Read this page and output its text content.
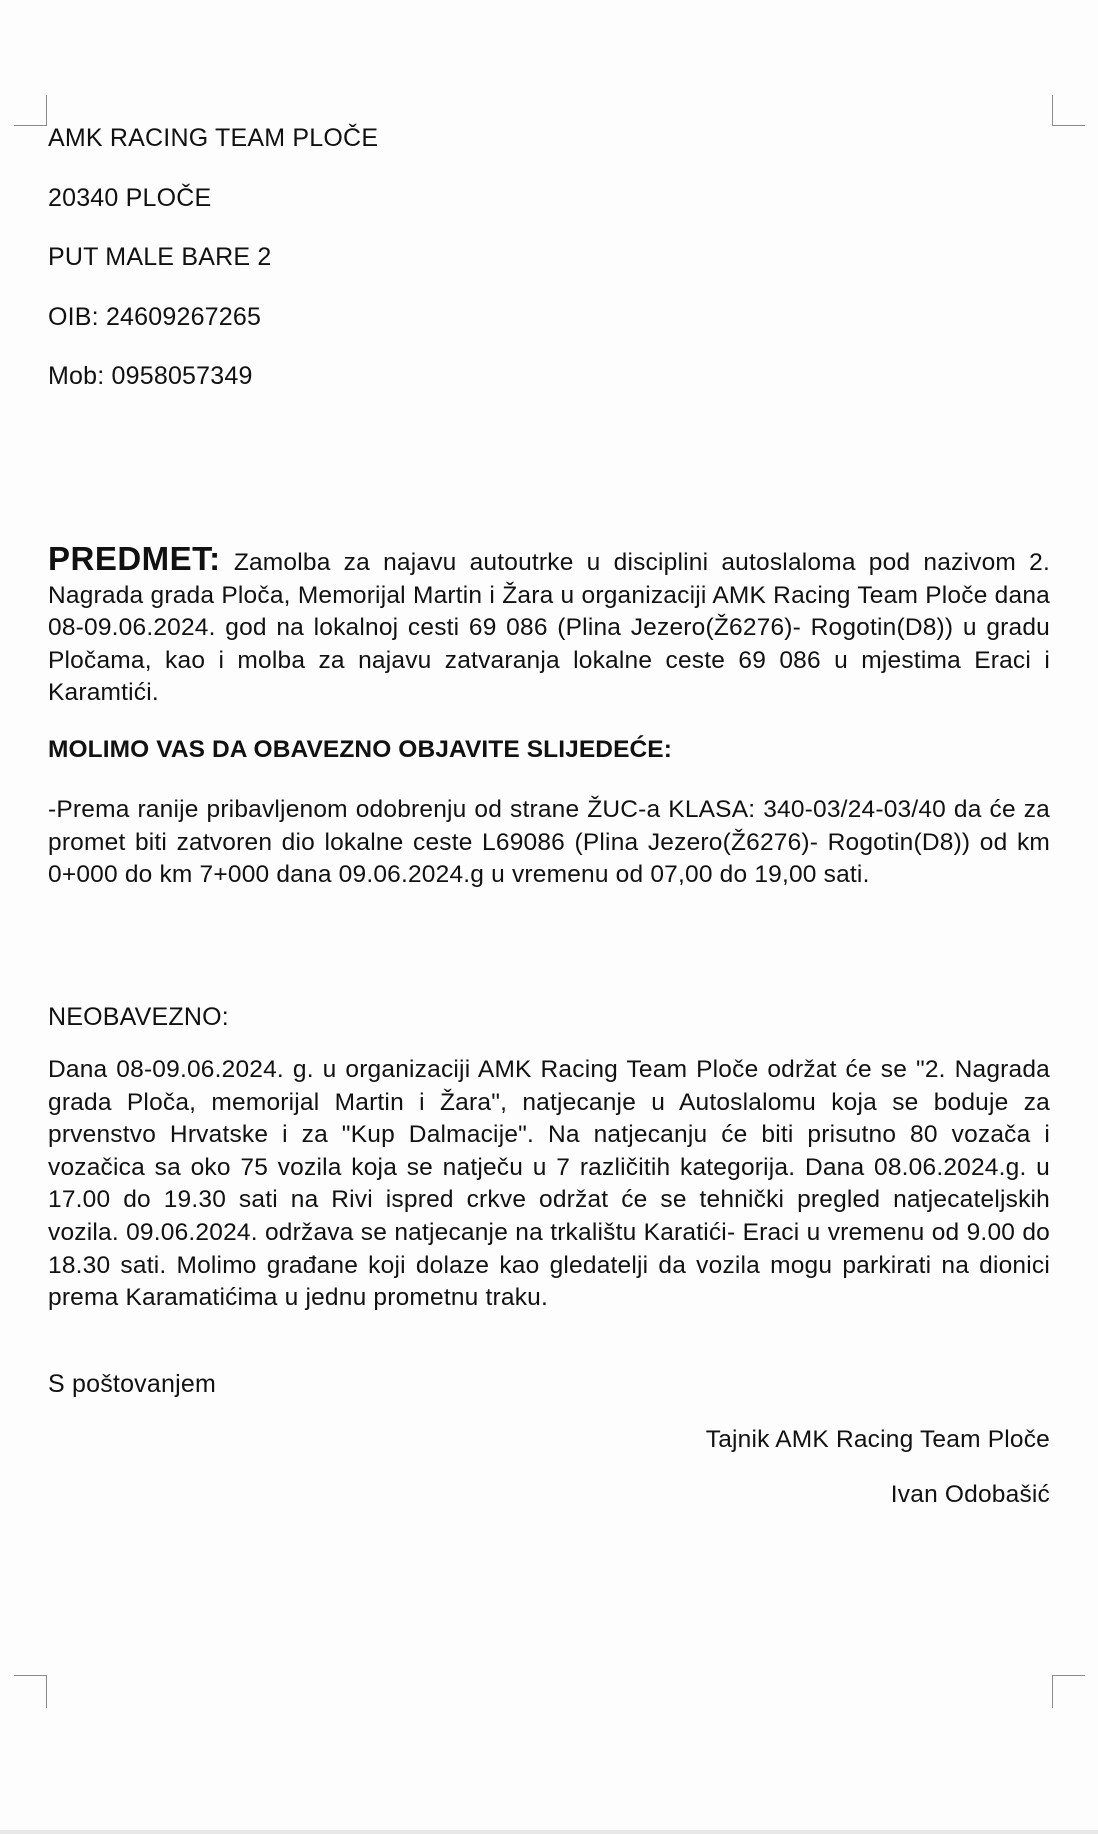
AMK RACING TEAM PLOČE
20340 PLOČE
PUT MALE BARE 2
OIB: 24609267265
Mob: 0958057349
PREDMET: Zamolba za najavu autoutrke u disciplini autoslaloma pod nazivom 2. Nagrada grada Ploča, Memorijal Martin i Žara u organizaciji AMK Racing Team Ploče dana 08-09.06.2024. god na lokalnoj cesti 69 086 (Plina Jezero(Ž6276)- Rogotin(D8)) u gradu Pločama, kao i molba za najavu zatvaranja lokalne ceste 69 086 u mjestima Eraci i Karamtići.
MOLIMO VAS DA OBAVEZNO OBJAVITE SLIJEDEĆE:
-Prema ranije pribavljenom odobrenju od strane ŽUC-a KLASA: 340-03/24-03/40 da će za promet biti zatvoren dio lokalne ceste L69086 (Plina Jezero(Ž6276)- Rogotin(D8)) od km 0+000 do km 7+000 dana 09.06.2024.g u vremenu od 07,00 do 19,00 sati.
NEOBAVEZNO:
Dana 08-09.06.2024. g. u organizaciji AMK Racing Team Ploče održat će se "2. Nagrada grada Ploča, memorijal Martin i Žara", natjecanje u Autoslalomu koja se boduje za prvenstvo Hrvatske i za "Kup Dalmacije". Na natjecanju će biti prisutno 80 vozača i vozačica sa oko 75 vozila koja se natječu u 7 različitih kategorija. Dana 08.06.2024.g. u 17.00 do 19.30 sati na Rivi ispred crkve održat će se tehnički pregled natjecateljskih vozila. 09.06.2024. održava se natjecanje na trkalištu Karatići- Eraci u vremenu od 9.00 do 18.30 sati. Molimo građane koji dolaze kao gledatelji da vozila mogu parkirati na dionici prema Karamatićima u jednu prometnu traku.
S poštovanjem
Tajnik AMK Racing Team Ploče
Ivan Odobašić
